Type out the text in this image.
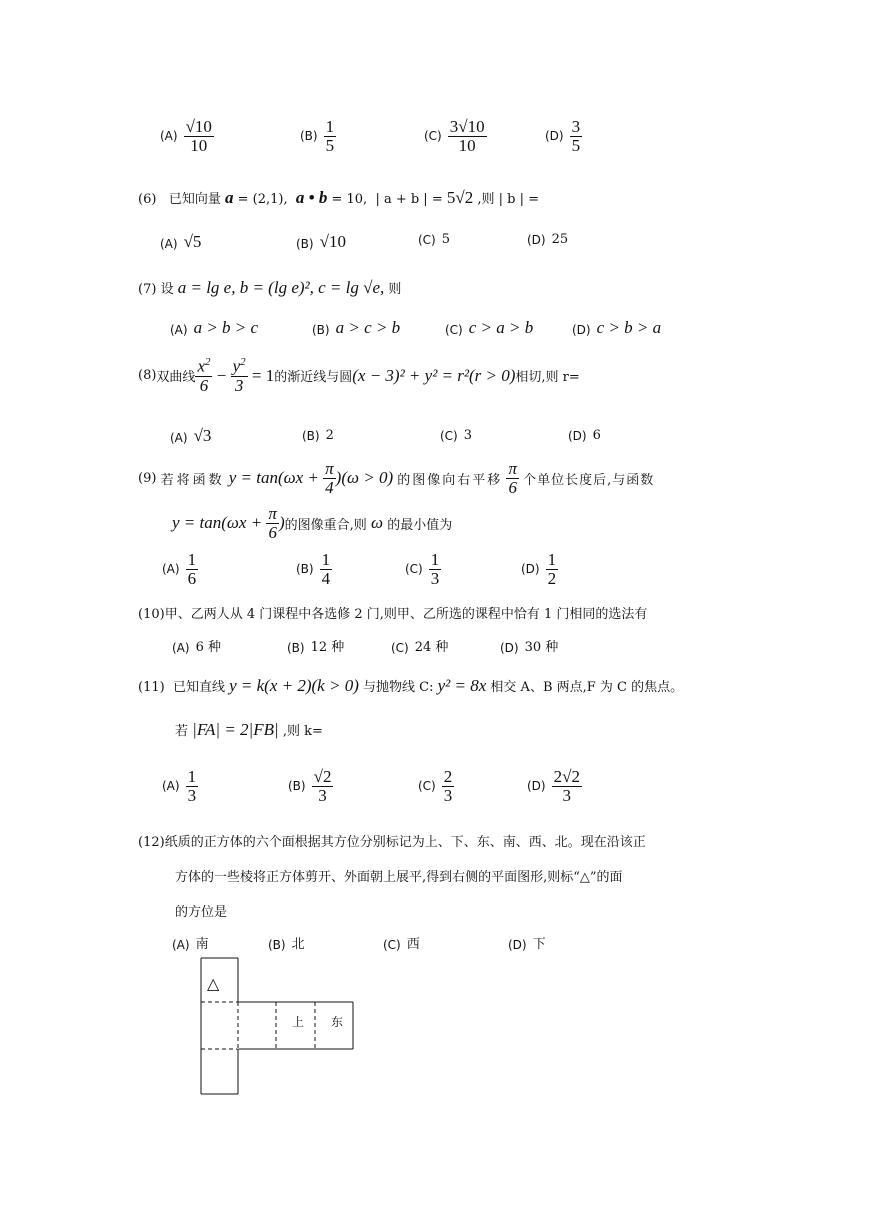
$(A) \frac{√10}{10}$	$(B) \frac{1}{5}$	$(C) \frac{3√10}{10}$	$(D) \frac{3}{5}$
(6) 已知向量 a = (2,1), a • b = 10, | a + b | = 5√2 ,则 | b | =
(A) √5	(B) √10	(C) 5	(D) 25
(7) 设 a = lg e, b = (lg e)², c = lg √e, 则
(A) a > b > c	(B) a > c > b	(C) c > a > b	(D) c > b > a
(8) 双曲线 $\frac{x^2}{6} - \frac{y^2}{3} = 1$ 的渐近线与圆 (x − 3)² + y² = r²(r > 0) 相切,则 r=
(A) √3	(B) 2	(C) 3	(D) 6
(9)
若将函数
$y = \tan(\omega x + \frac{\pi}{4} )(\omega > 0)$
的图像向右平移
$\frac{\pi}{6}$
个单位长度后,与函数
$y = \tan(\omega x + \frac{\pi}{6}$ ) 的图像重合,则 ω 的最小值为
$(A) \frac{1}{6}$	$(B) \frac{1}{4}$	$(C) \frac{1}{3}$	$(D) \frac{1}{2}$
(10)甲、乙两人从 4 门课程中各选修 2 门,则甲、乙所选的课程中恰有 1 门相同的选法有
(A) 6 种	(B) 12 种	(C) 24 种	(D) 30 种
(11) 已知直线 y = k(x + 2)(k > 0) 与抛物线 C: y² = 8x 相交 A、B 两点,F 为 C 的焦点。
若 |FA| = 2|FB| ,则 k=
$(A) \frac{1}{3}$	$(B) \frac{√2}{3}$	$(C) \frac{2}{3}$	$(D) \frac{2√2}{3}$
(12)纸质的正方体的六个面根据其方位分别标记为上、下、东、南、西、北。现在沿该正
方体的一些棱将正方体剪开、外面朝上展平,得到右侧的平面图形,则标“△”的面
的方位是
(A) 南	(B) 北	(C) 西	(D) 下
△
上 东
